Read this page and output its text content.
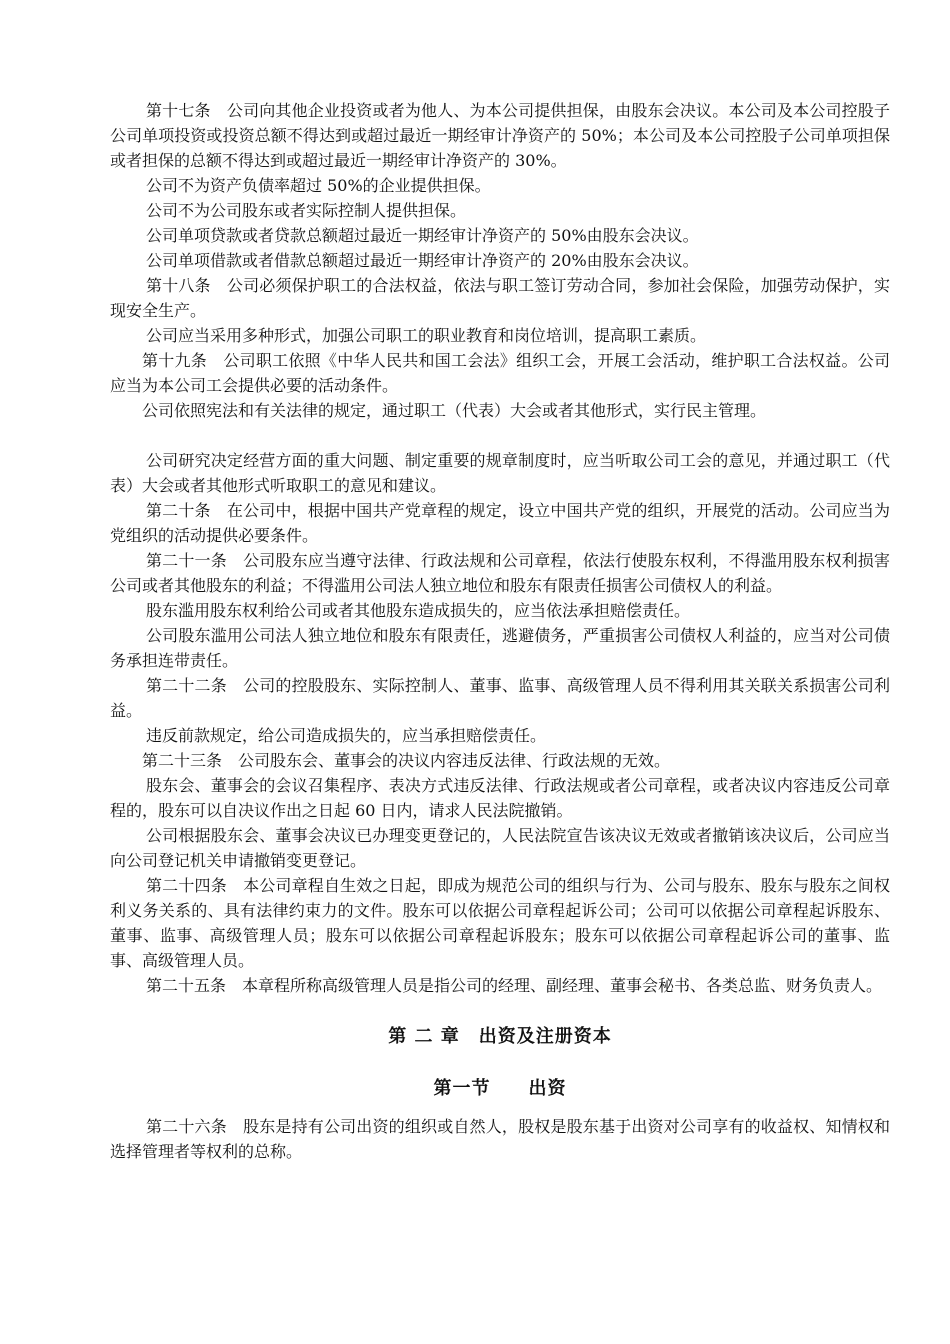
第十七条　公司向其他企业投资或者为他人、为本公司提供担保，由股东会决议。本公司及本公司控股子公司单项投资或投资总额不得达到或超过最近一期经审计净资产的 50%；本公司及本公司控股子公司单项担保或者担保的总额不得达到或超过最近一期经审计净资产的 30%。

公司不为资产负债率超过 50%的企业提供担保。

公司不为公司股东或者实际控制人提供担保。

公司单项贷款或者贷款总额超过最近一期经审计净资产的 50%由股东会决议。

公司单项借款或者借款总额超过最近一期经审计净资产的 20%由股东会决议。

第十八条　公司必须保护职工的合法权益，依法与职工签订劳动合同，参加社会保险，加强劳动保护，实现安全生产。

公司应当采用多种形式，加强公司职工的职业教育和岗位培训，提高职工素质。

第十九条　公司职工依照《中华人民共和国工会法》组织工会，开展工会活动，维护职工合法权益。公司应当为本公司工会提供必要的活动条件。

公司依照宪法和有关法律的规定，通过职工（代表）大会或者其他形式，实行民主管理。

公司研究决定经营方面的重大问题、制定重要的规章制度时，应当听取公司工会的意见，并通过职工（代表）大会或者其他形式听取职工的意见和建议。

第二十条　在公司中，根据中国共产党章程的规定，设立中国共产党的组织，开展党的活动。公司应当为党组织的活动提供必要条件。

第二十一条　公司股东应当遵守法律、行政法规和公司章程，依法行使股东权利，不得滥用股东权利损害公司或者其他股东的利益；不得滥用公司法人独立地位和股东有限责任损害公司债权人的利益。

股东滥用股东权利给公司或者其他股东造成损失的，应当依法承担赔偿责任。

公司股东滥用公司法人独立地位和股东有限责任，逃避债务，严重损害公司债权人利益的，应当对公司债务承担连带责任。

第二十二条　公司的控股股东、实际控制人、董事、监事、高级管理人员不得利用其关联关系损害公司利益。

违反前款规定，给公司造成损失的，应当承担赔偿责任。

第二十三条　公司股东会、董事会的决议内容违反法律、行政法规的无效。

股东会、董事会的会议召集程序、表决方式违反法律、行政法规或者公司章程，或者决议内容违反公司章程的，股东可以自决议作出之日起 60 日内，请求人民法院撤销。

公司根据股东会、董事会决议已办理变更登记的，人民法院宣告该决议无效或者撤销该决议后，公司应当向公司登记机关申请撤销变更登记。

第二十四条　本公司章程自生效之日起，即成为规范公司的组织与行为、公司与股东、股东与股东之间权利义务关系的、具有法律约束力的文件。股东可以依据公司章程起诉公司；公司可以依据公司章程起诉股东、董事、监事、高级管理人员；股东可以依据公司章程起诉股东；股东可以依据公司章程起诉公司的董事、监事、高级管理人员。

第二十五条　本章程所称高级管理人员是指公司的经理、副经理、董事会秘书、各类总监、财务负责人。

第 二 章　出资及注册资本
第一节　　出资

第二十六条　股东是持有公司出资的组织或自然人，股权是股东基于出资对公司享有的收益权、知情权和选择管理者等权利的总称。
